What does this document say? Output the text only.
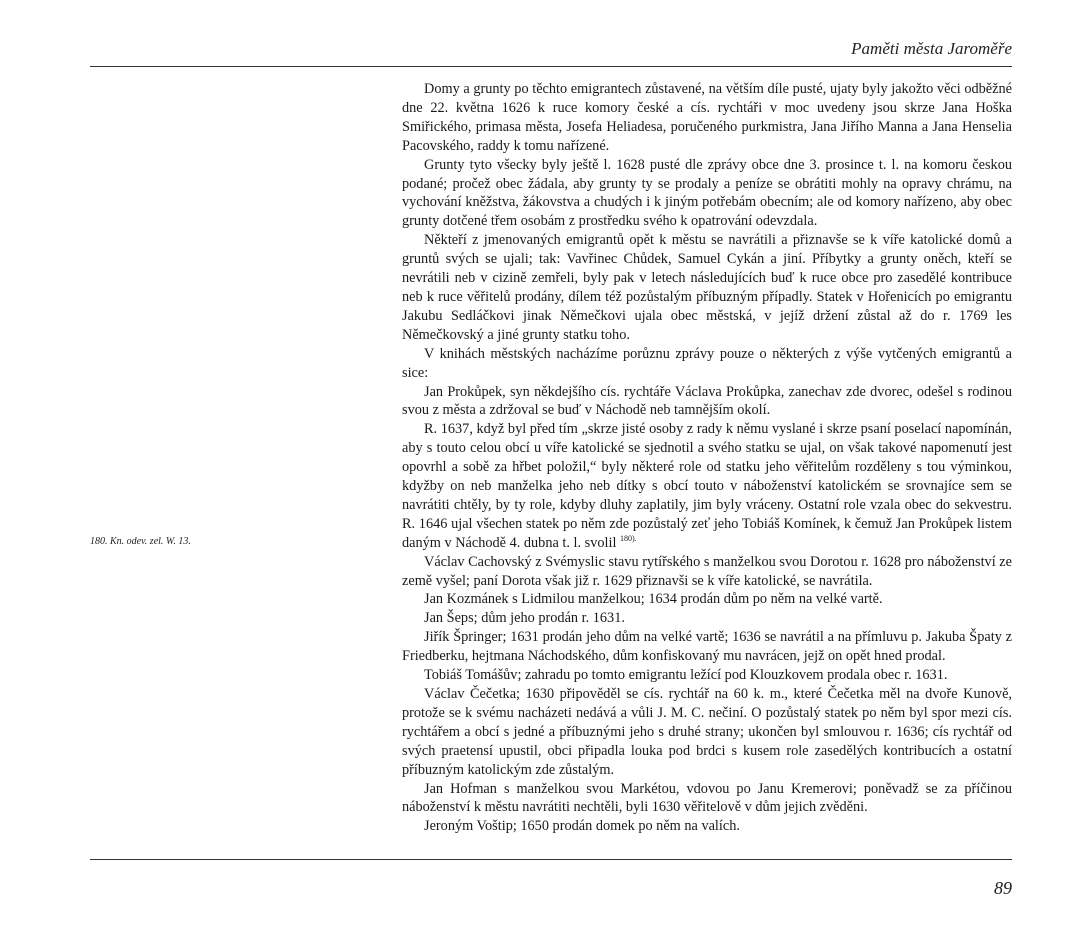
Paměti města Jaroměře
180. Kn. odev. zel. W. 13.

Domy a grunty po těchto emigrantech zůstavené, na větším díle pusté, ujaty byly jakožto věci odběžné dne 22. května 1626 k ruce komory české a cís. rychtáři v moc uvedeny jsou skrze Jana Hoška Smiřického, primasa města, Josefa Heliadesa, poručeného purkmistra, Jana Jiřího Manna a Jana Henselia Pacovského, raddy k tomu nařízené.

Grunty tyto všecky byly ještě l. 1628 pusté dle zprávy obce dne 3. prosince t. l. na komoru českou podané; pročež obec žádala, aby grunty ty se prodaly a peníze se obrátiti mohly na opravy chrámu, na vychování kněžstva, žákovstva a chudých i k jiným potřebám obecním; ale od komory nařízeno, aby obec grunty dotčené třem osobám z prostředku svého k opatrování odevzdala.

Někteří z jmenovaných emigrantů opět k městu se navrátili a přiznavše se k víře katolické domů a gruntů svých se ujali; tak: Vavřinec Chůdek, Samuel Cykán a jiní. Příbytky a grunty oněch, kteří se nevrátili neb v cizině zemřeli, byly pak v letech následujících buď k ruce obce pro zasedělé kontribuce neb k ruce věřitelů prodány, dílem též pozůstalým příbuzným případly. Statek v Hořenicích po emigrantu Jakubu Sedláčkovi jinak Němečkovi ujala obec městská, v jejíž držení zůstal až do r. 1769 les Němečkovský a jiné grunty statku toho.

V knihách městských nacházíme porůznu zprávy pouze o některých z výše vytčených emigrantů a sice:

Jan Prokůpek, syn někdejšího cís. rychtáře Václava Prokůpka, zanechav zde dvorec, odešel s rodinou svou z města a zdržoval se buď v Náchodě neb tamnějším okolí.

R. 1637, když byl před tím „skrze jisté osoby z rady k němu vyslané i skrze psaní poselací napomínán, aby s touto celou obcí u víře katolické se sjednotil a svého statku se ujal, on však takové napomenutí jest opovrhl a sobě za hřbet položil,“ byly některé role od statku jeho věřitelům rozděleny s tou výminkou, kdyžby on neb manželka jeho neb dítky s obcí touto v náboženství katolickém se srovnajíce sem se navrátiti chtěly, by ty role, kdyby dluhy zaplatily, jim byly vráceny. Ostatní role vzala obec do sekvestru. R. 1646 ujal všechen statek po něm zde pozůstalý zeť jeho Tobiáš Komínek, k čemuž Jan Prokůpek listem daným v Náchodě 4. dubna t. l. svolil $^{180).}$

Václav Cachovský z Svémyslic stavu rytířského s manželkou svou Dorotou r. 1628 pro náboženství ze země vyšel; paní Dorota však již r. 1629 přiznavši se k víře katolické, se navrátila.

Jan Kozmánek s Lidmilou manželkou; 1634 prodán dům po něm na velké vartě.

Jan Šeps; dům jeho prodán r. 1631.

Jiřík Špringer; 1631 prodán jeho dům na velké vartě; 1636 se navrátil a na přímluvu p. Jakuba Špaty z Friedberku, hejtmana Náchodského, dům konfiskovaný mu navrácen, jejž on opět hned prodal.

Tobiáš Tomášův; zahradu po tomto emigrantu ležící pod Klouzkovem prodala obec r. 1631.

Václav Čečetka; 1630 připověděl se cís. rychtář na 60 k. m., které Čečetka měl na dvoře Kunově, protože se k svému nacházeti nedává a vůli J. M. C. nečiní. O pozůstalý statek po něm byl spor mezi cís. rychtářem a obcí s jedné a příbuznými jeho s druhé strany; ukončen byl smlouvou r. 1636; cís rychtář od svých praetensí upustil, obci připadla louka pod brdci s kusem role zasedělých kontribucích a ostatní příbuzným katolickým zde zůstalým.

Jan Hofman s manželkou svou Markétou, vdovou po Janu Kremerovi; poněvadž se za příčinou náboženství k městu navrátiti nechtěli, byli 1630 věřitelově v dům jejich zvěděni.

Jeroným Voštip; 1650 prodán domek po něm na valích.

89
